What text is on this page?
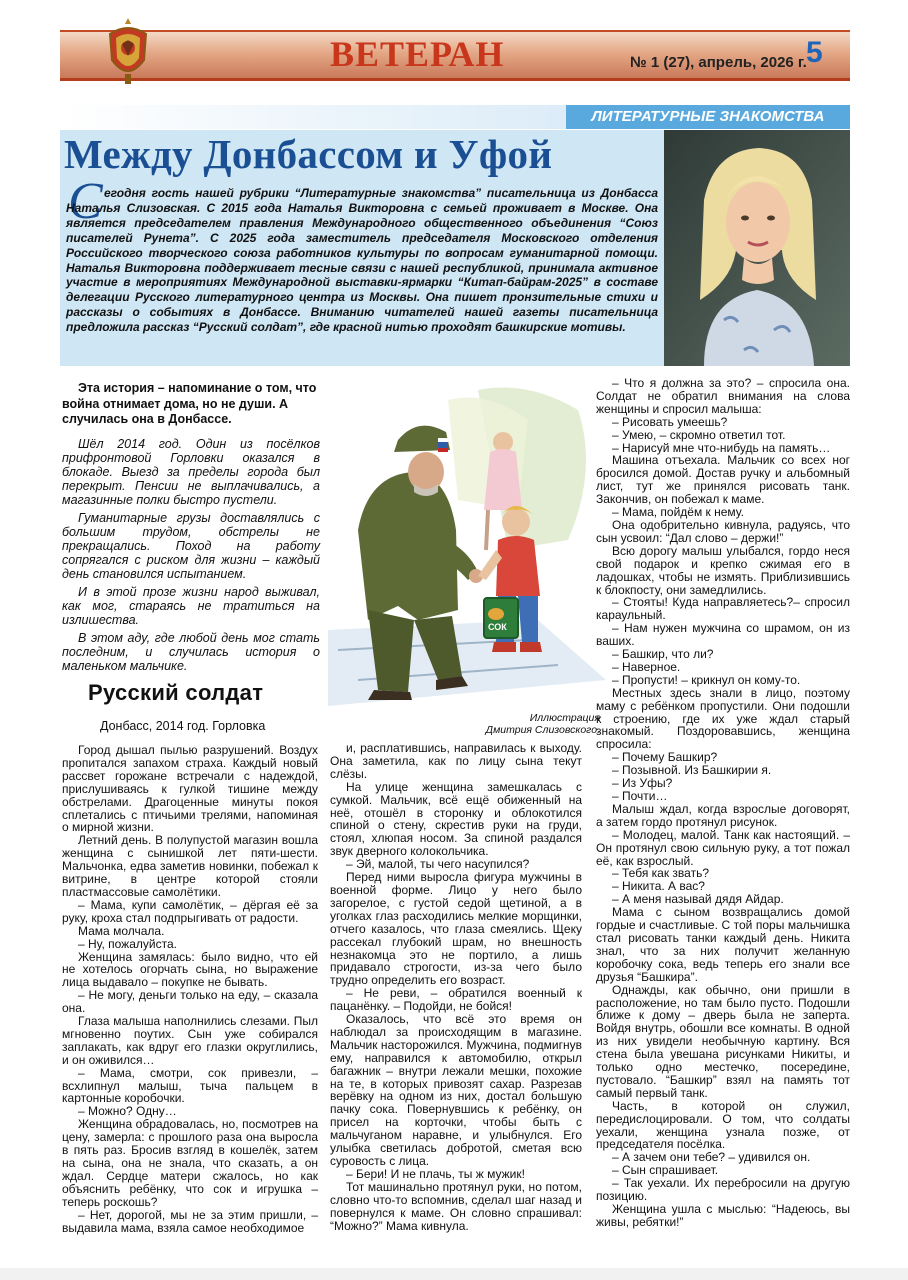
ВЕТЕРАН	№ 1 (27), апрель, 2026 г. 5
ЛИТЕРАТУРНЫЕ ЗНАКОМСТВА
Между Донбассом и Уфой
С егодня гость нашей рубрики “Литературные знакомства” писательница из Донбасса Наталья Слизовская. С 2015 года Наталья Викторовна с семьей проживает в Москве. Она является председателем правления Международного общественного объединения “Союз писателей Рунета”. С 2025 года заместитель председателя Московского отделения Российского творческого союза работников культуры по вопросам гуманитарной помощи. Наталья Викторовна поддерживает тесные связи с нашей республикой, принимала активное участие в мероприятиях Международной выставки-ярмарки “Китап-байрам-2025” в составе делегации Русского литературного центра из Москвы. Она пишет пронзительные стихи и рассказы о событиях в Донбассе. Вниманию читателей нашей газеты писательница предложила рассказ “Русский солдат”, где красной нитью проходят башкирские мотивы.

Эта история – напоминание о том, что война отнимает дома, но не души. А случилась она в Донбассе.

Шёл 2014 год. Один из посёлков прифронтовой Горловки оказался в блокаде. Выезд за пределы города был перекрыт. Пенсии не выплачивались, а магазинные полки быстро пустели.

Гуманитарные грузы доставлялись с большим трудом, обстрелы не прекращались. Поход на работу сопрягался с риском для жизни – каждый день становился испытанием.

И в этой прозе жизни народ выживал, как мог, стараясь не тратиться на излишества.

В этом аду, где любой день мог стать последним, и случилась история о маленьком мальчике.

Русский солдат
Донбасс, 2014 год. Горловка
СОК
Иллюстрация
Дмитрия Слизовского.

Город дышал пылью разрушений. Воздух пропитался запахом страха. Каждый новый рассвет горожане встречали с надеждой, прислушиваясь к гулкой тишине между обстрелами. Драгоценные минуты покоя сплетались с птичьими трелями, напоминая о мирной жизни.

Летний день. В полупустой магазин вошла женщина с сынишкой лет пяти-шести. Мальчонка, едва заметив новинки, побежал к витрине, в центре которой стояли пластмассовые самолётики.

– Мама, купи самолётик, – дёргая её за руку, кроха стал подпрыгивать от радости.

Мама молчала.

– Ну, пожалуйста.

Женщина замялась: было видно, что ей не хотелось огорчать сына, но выражение лица выдавало – покупке не бывать.

– Не могу, деньги только на еду, – сказала она.

Глаза малыша наполнились слезами. Пыл мгновенно поутих. Сын уже собирался заплакать, как вдруг его глазки округлились, и он оживился…

– Мама, смотри, сок привезли, – всхлипнул малыш, тыча пальцем в картонные коробочки.

– Можно? Одну…

Женщина обрадовалась, но, посмотрев на цену, замерла: с прошлого раза она выросла в пять раз. Бросив взгляд в кошелёк, затем на сына, она не знала, что сказать, а он ждал. Сердце матери сжалось, но как объяснить ребёнку, что сок и игрушка – теперь роскошь?

– Нет, дорогой, мы не за этим пришли, – выдавила мама, взяла самое необходимое

и, расплатившись, направилась к выходу. Она заметила, как по лицу сына текут слёзы.

На улице женщина замешкалась с сумкой. Мальчик, всё ещё обиженный на неё, отошёл в сторонку и облокотился спиной о стену, скрестив руки на груди, стоял, хлюпая носом. За спиной раздался звук дверного колокольчика.

– Эй, малой, ты чего насупился?

Перед ними выросла фигура мужчины в военной форме. Лицо у него было загорелое, с густой седой щетиной, а в уголках глаз расходились мелкие морщинки, отчего казалось, что глаза смеялись. Щеку рассекал глубокий шрам, но внешность незнакомца это не портило, а лишь придавало строгости, из-за чего было трудно определить его возраст.

– Не реви, – обратился военный к пацанёнку. – Подойди, не бойся!

Оказалось, что всё это время он наблюдал за происходящим в магазине. Мальчик насторожился. Мужчина, подмигнув ему, направился к автомобилю, открыл багажник – внутри лежали мешки, похожие на те, в которых привозят сахар. Разрезав верёвку на одном из них, достал большую пачку сока. Повернувшись к ребёнку, он присел на корточки, чтобы быть с мальчуганом наравне, и улыбнулся. Его улыбка светилась добротой, сметая всю суровость с лица.

– Бери! И не плачь, ты ж мужик!

Тот машинально протянул руки, но потом, словно что-то вспомнив, сделал шаг назад и повернулся к маме. Он словно спрашивал: “Можно?” Мама кивнула.

– Что я должна за это? – спросила она. Солдат не обратил внимания на слова женщины и спросил малыша:

– Рисовать умеешь?

– Умею, – скромно ответил тот.

– Нарисуй мне что-нибудь на память…

Машина отъехала. Мальчик со всех ног бросился домой. Достав ручку и альбомный лист, тут же принялся рисовать танк. Закончив, он побежал к маме.

– Мама, пойдём к нему.

Она одобрительно кивнула, радуясь, что сын усвоил: “Дал слово – держи!”

Всю дорогу малыш улыбался, гордо неся свой подарок и крепко сжимая его в ладошках, чтобы не измять. Приблизившись к блокпосту, они замедлились.

– Стояты! Куда направляетесь?– спросил караульный.

– Нам нужен мужчина со шрамом, он из ваших.

– Башкир, что ли?

– Наверное.

– Пропусти! – крикнул он кому-то.

Местных здесь знали в лицо, поэтому маму с ребёнком пропустили. Они подошли к строению, где их уже ждал старый знакомый. Поздоровавшись, женщина спросила:

– Почему Башкир?

– Позывной. Из Башкирии я.

– Из Уфы?

– Почти…

Малыш ждал, когда взрослые договорят, а затем гордо протянул рисунок.

– Молодец, малой. Танк как настоящий. – Он протянул свою сильную руку, а тот пожал её, как взрослый.

– Тебя как звать?

– Никита. А вас?

– А меня называй дядя Айдар.

Мама с сыном возвращались домой гордые и счастливые. С той поры мальчишка стал рисовать танки каждый день. Никита знал, что за них получит желанную коробочку сока, ведь теперь его знали все друзья “Башкира”.

Однажды, как обычно, они пришли в расположение, но там было пусто. Подошли ближе к дому – дверь была не заперта. Войдя внутрь, обошли все комнаты. В одной из них увидели необычную картину. Вся стена была увешана рисунками Никиты, и только одно местечко, посередине, пустовало. “Башкир” взял на память тот самый первый танк.

Часть, в которой он служил, передислоцировали. О том, что солдаты уехали, женщина узнала позже, от председателя посёлка.

– А зачем они тебе? – удивился он.

– Сын спрашивает.

– Так уехали. Их перебросили на другую позицию.

Женщина ушла с мыслью: “Надеюсь, вы живы, ребятки!”
